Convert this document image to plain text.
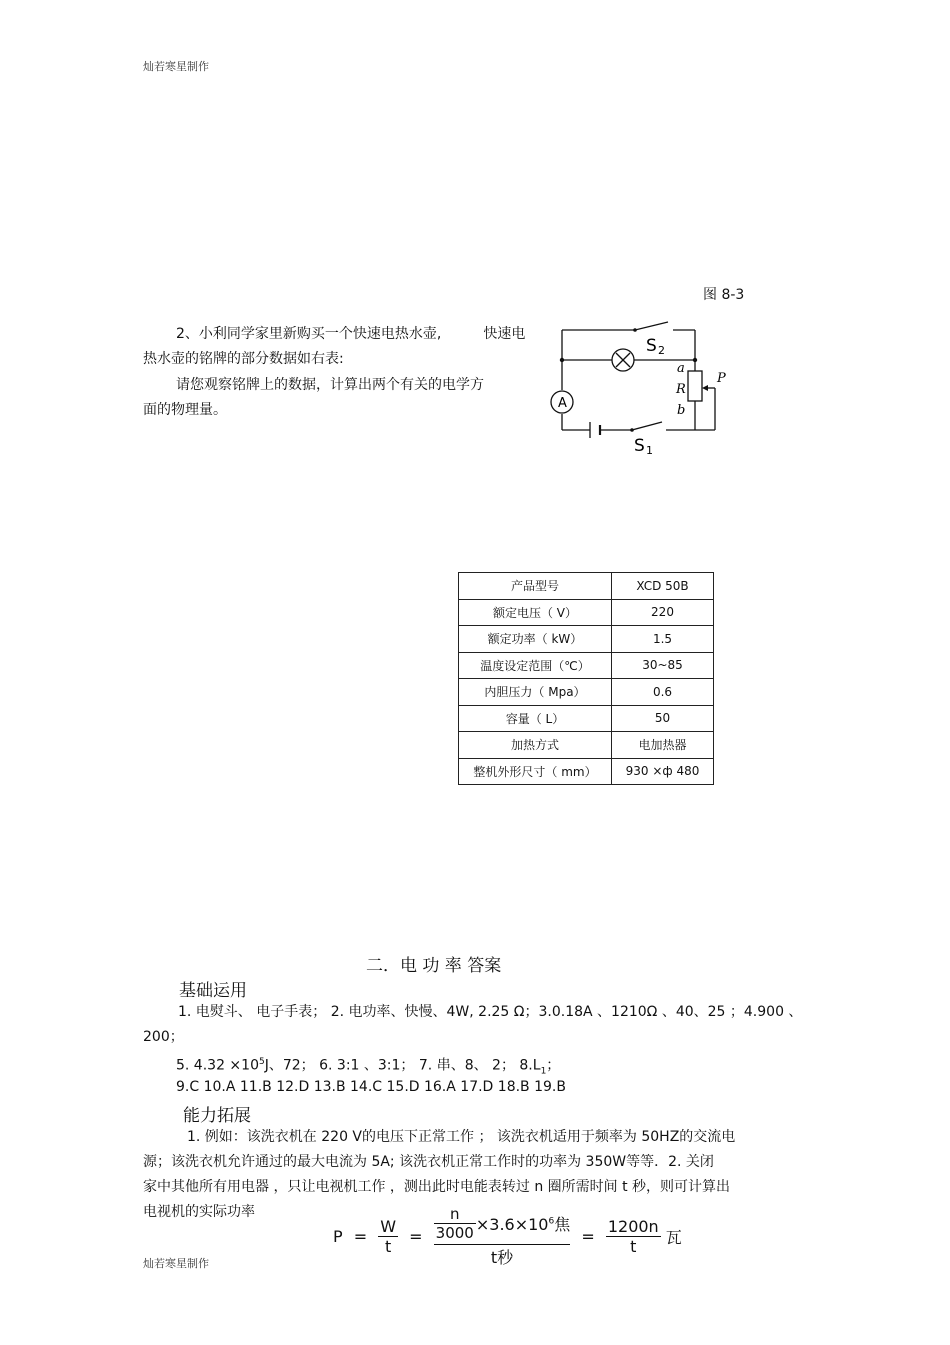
灿若寒星制作
图 8-3
2、小利同学家里新购买一个快速电热水壶,	快速电
热水壶的铭牌的部分数据如右表:
请您观察铭牌上的数据，计算出两个有关的电学方
面的物理量。	A
S 2
S 1
a
R
b
P
产品型号	XCD 50B
额定电压（ V）	220
额定功率（ kW）	1.5
温度设定范围（℃）	30~85
内胆压力（ Mpa）	0.6
容量（ L）	50
加热方式	电加热器
整机外形尺寸（ mm）	930 ×ф 480
二．电 功 率 答案
基础运用
1. 电熨斗、 电子手表； 2. 电功率、快慢、4W, 2.25 Ω；3.0.18A 、1210Ω 、40、25 ；4.900 、
200；
5. $4.32 \times 10^5J$、72； 6. 3:1 、3:1； 7. 串、8、 2； $8.L_1$；
9.C 10.A 11.B 12.D 13.B 14.C 15.D 16.A 17.D 18.B 19.B
能力拓展
1. 例如：该洗衣机在 220 V的电压下正常工作 ； 该洗衣机适用于频率为 50HZ的交流电
源；该洗衣机允许通过的最大电流为 5A; 该洗衣机正常工作时的功率为 350W等等．2. 关闭
家中其他所有用电器 ，只让电视机工作 ，测出此时电能表转过 n 圈所需时间 t 秒，则可计算出
电视机的实际功率
$P = \frac{W}{t} = \frac{\frac{n}{3000} \times 3.6\times 10^6焦}{\text{t秒}} = \frac{1200n}{t}$ 瓦
灿若寒星制作
